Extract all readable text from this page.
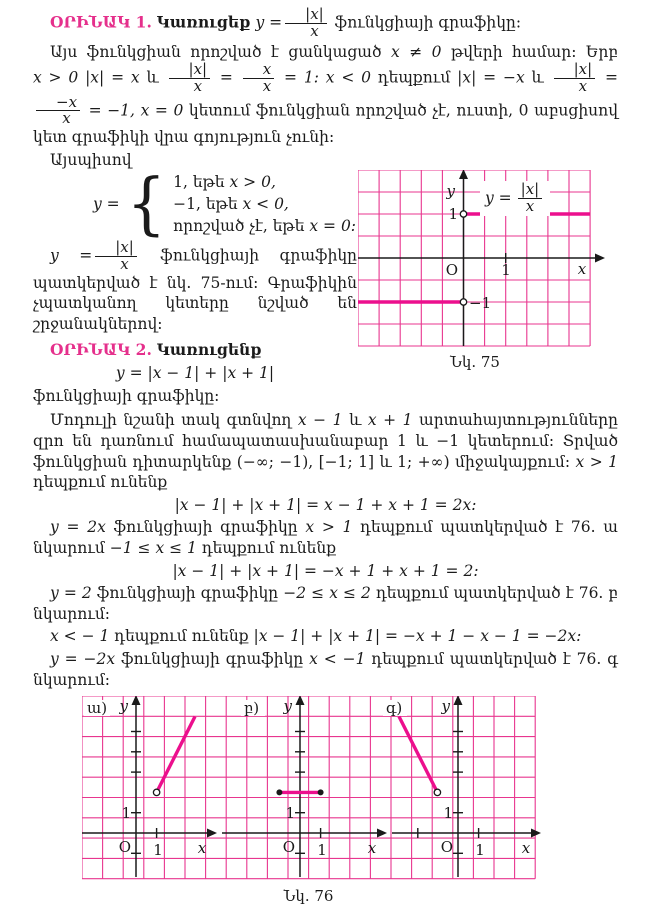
ՕՐԻՆԱԿ 1. Կառուցեք $y = \frac{|x|}{x}$ ֆունկցիայի գրաֆիկը:

Այս ֆունկցիան որոշված է ցանկացած x ≠ 0 թվերի համար: Երբ x > 0 |x| = x և $\frac{|x|}{x} = \frac{x}{x} = 1$: x < 0 դեպքում |x| = −x և $\frac{|x|}{x}$ =
$\frac{-x}{x} = -1$, x = 0 կետում ֆունկցիան որոշված չէ, ուստի, 0 աբսցիսով կետ գրաֆիկի վրա գոյություն չունի:

Այսպիսով

y = { 1, եթե x > 0,
−1, եթե x < 0,
որոշված չէ, եթե x = 0:

$y = \frac{|x|}{x}$ ֆունկցիայի գրաֆիկը պատկերված է նկ. 75-ում: Գրաֆիկին չպատկանող կետերը նշված են շրջանակներով:

ՕՐԻՆԱԿ 2. Կառուցենք

y = |x − 1| + |x + 1|

ֆունկցիայի գրաֆիկը:

Մոդուլի նշանի տակ գտնվող x − 1 և x + 1 արտահայտությունները զրո են դառնում համապատասխանաբար 1 և −1 կետերում: Տրված ֆունկցիան դիտարկենք (−∞; −1), [−1; 1] և 1; +∞) միջակայքում: x > 1 դեպքում ունենք

|x − 1| + |x + 1| = x − 1 + x + 1 = 2x:

y = 2x ֆունկցիայի գրաֆիկը x > 1 դեպքում պատկերված է 76. ա նկարում −1 ≤ x ≤ 1 դեպքում ունենք

|x − 1| + |x + 1| = −x + 1 + x + 1 = 2:

y = 2 ֆունկցիայի գրաֆիկը −2 ≤ x ≤ 2 դեպքում պատկերված է 76. բ նկարում:

x < − 1 դեպքում ունենք |x − 1| + |x + 1| = −x + 1 − x − 1 = −2x:

y = −2x ֆունկցիայի գրաֆիկը x < −1 դեպքում պատկերված է 76. գ նկարում:

ա) y
1
O 1 x
բ) y
1
O 1	x
գ)	y
1
O 1 x
Նկ. 76
y
1
O	1	x
−1
$y = \frac{|x|}{x}$
Նկ. 75
